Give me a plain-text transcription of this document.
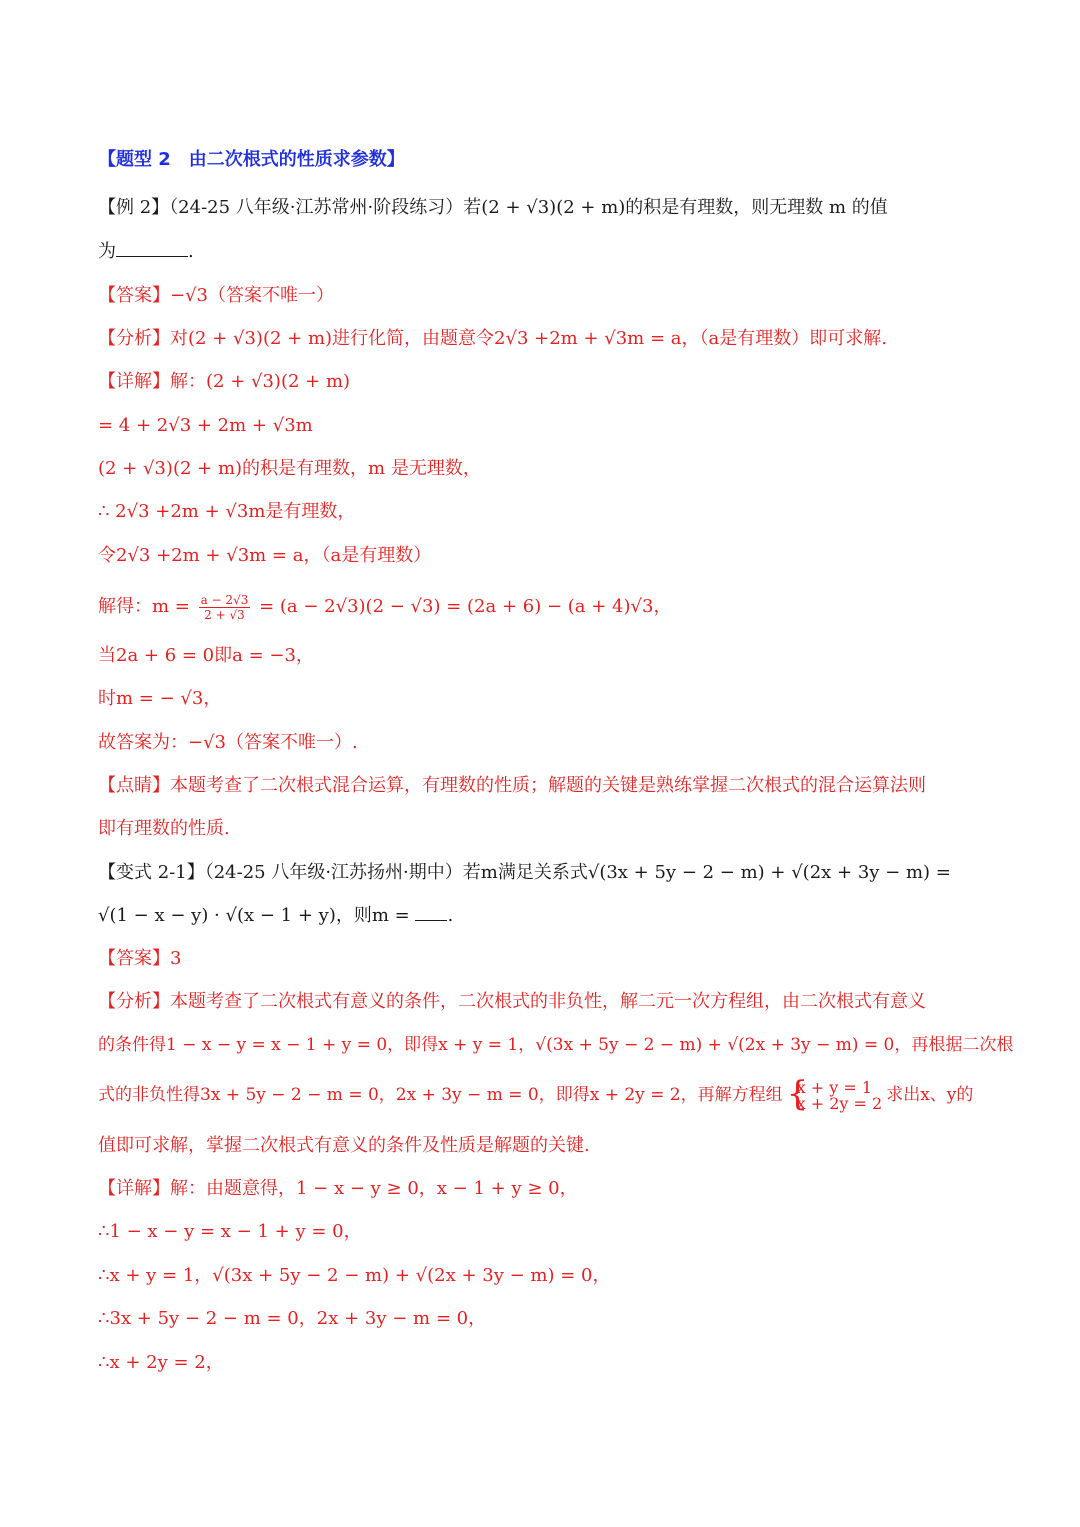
【题型 2　由二次根式的性质求参数】
【例 2】（24-25 八年级·江苏常州·阶段练习）若(2 + √3)(2 + m)的积是有理数，则无理数 m 的值
为	.
【答案】−√3（答案不唯一）
【分析】对(2 + √3)(2 + m)进行化简，由题意令2√3 +2m + √3m = a，（a是有理数）即可求解.
【详解】解：(2 + √3)(2 + m)
= 4 + 2√3 + 2m + √3m
(2 + √3)(2 + m)的积是有理数，m 是无理数，
∴ 2√3 +2m + √3m是有理数，
令2√3 +2m + √3m = a，（a是有理数）
解得：$m = \frac{a - 2√3}{2 + √3} = (a - 2√3)(2 - √3) = (2a + 6) - (a + 4)√3$，
当2a + 6 = 0即a = −3，
时m = − √3，
故答案为：−√3（答案不唯一）.
【点睛】本题考查了二次根式混合运算，有理数的性质；解题的关键是熟练掌握二次根式的混合运算法则
即有理数的性质.
【变式 2-1】（24-25 八年级·江苏扬州·期中）若m满足关系式√(3x + 5y − 2 − m) + √(2x + 3y − m) =
√(1 − x − y) · √(x − 1 + y)，则m = .
【答案】3
【分析】本题考查了二次根式有意义的条件，二次根式的非负性，解二元一次方程组，由二次根式有意义
的条件得1 − x − y = x − 1 + y = 0，即得x + y = 1，√(3x + 5y − 2 − m) + √(2x + 3y − m) = 0，再根据二次根
式的非负性得3x + 5y − 2 − m = 0，2x + 3y − m = 0，即得x + 2y = 2，再解方程组 {
x + y = 1
x + 2y = 2 求出x、y的
值即可求解，掌握二次根式有意义的条件及性质是解题的关键.
【详解】解：由题意得，1 − x − y ≥ 0，x − 1 + y ≥ 0，
∴1 − x − y = x − 1 + y = 0，
∴x + y = 1，√(3x + 5y − 2 − m) + √(2x + 3y − m) = 0，
∴3x + 5y − 2 − m = 0，2x + 3y − m = 0，
∴x + 2y = 2，
